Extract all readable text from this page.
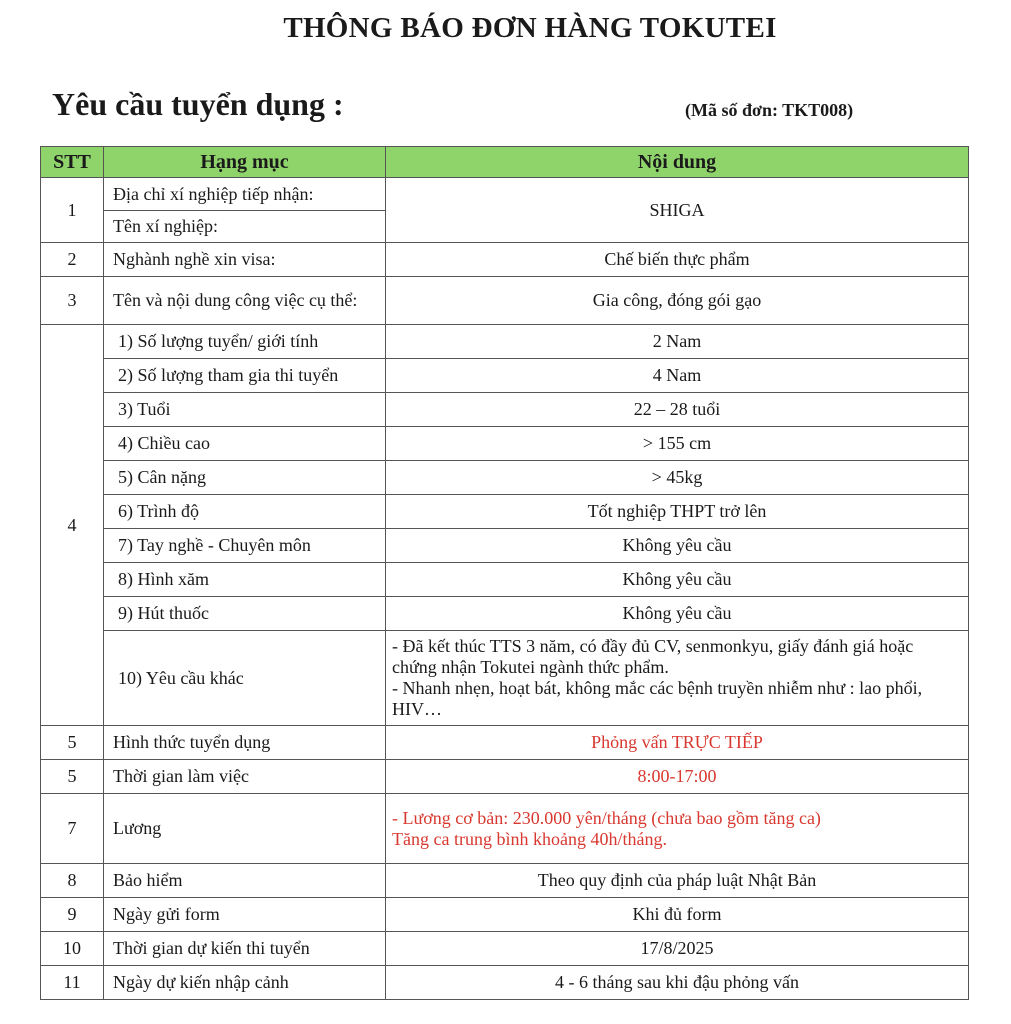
THÔNG BÁO ĐƠN HÀNG TOKUTEI
Yêu cầu tuyển dụng :	(Mã số đơn: TKT008)
STT	Hạng mục	Nội dung
1	Địa chỉ xí nghiệp tiếp nhận:	SHIGA
	Tên xí nghiệp:	
2	Nghành nghề xin visa:	Chế biến thực phẩm
3	Tên và nội dung công việc cụ thể:	Gia công, đóng gói gạo
4	1) Số lượng tuyển/ giới tính	2 Nam
	2) Số lượng tham gia thi tuyển	4 Nam
	3) Tuổi	22 – 28 tuổi
	4) Chiều cao	> 155 cm
	5) Cân nặng	> 45kg
	6) Trình độ	Tốt nghiệp THPT trở lên
	7) Tay nghề - Chuyên môn	Không yêu cầu
	8) Hình xăm	Không yêu cầu
	9) Hút thuốc	Không yêu cầu
	10) Yêu cầu khác	- Đã kết thúc TTS 3 năm, có đầy đủ CV, senmonkyu, giấy đánh giá hoặc chứng nhận Tokutei ngành thức phẩm.
- Nhanh nhẹn, hoạt bát, không mắc các bệnh truyền nhiễm như : lao phổi, HIV…

5	Hình thức tuyển dụng	Phỏng vấn TRỰC TIẾP
5	Thời gian làm việc	8:00-17:00
7	Lương	- Lương cơ bản: 230.000 yên/tháng (chưa bao gồm tăng ca)
Tăng ca trung bình khoảng 40h/tháng.

8	Bảo hiểm	Theo quy định của pháp luật Nhật Bản
9	Ngày gửi form	Khi đủ form
10	Thời gian dự kiến thi tuyển	17/8/2025
11	Ngày dự kiến nhập cảnh	4 - 6 tháng sau khi đậu phỏng vấn
